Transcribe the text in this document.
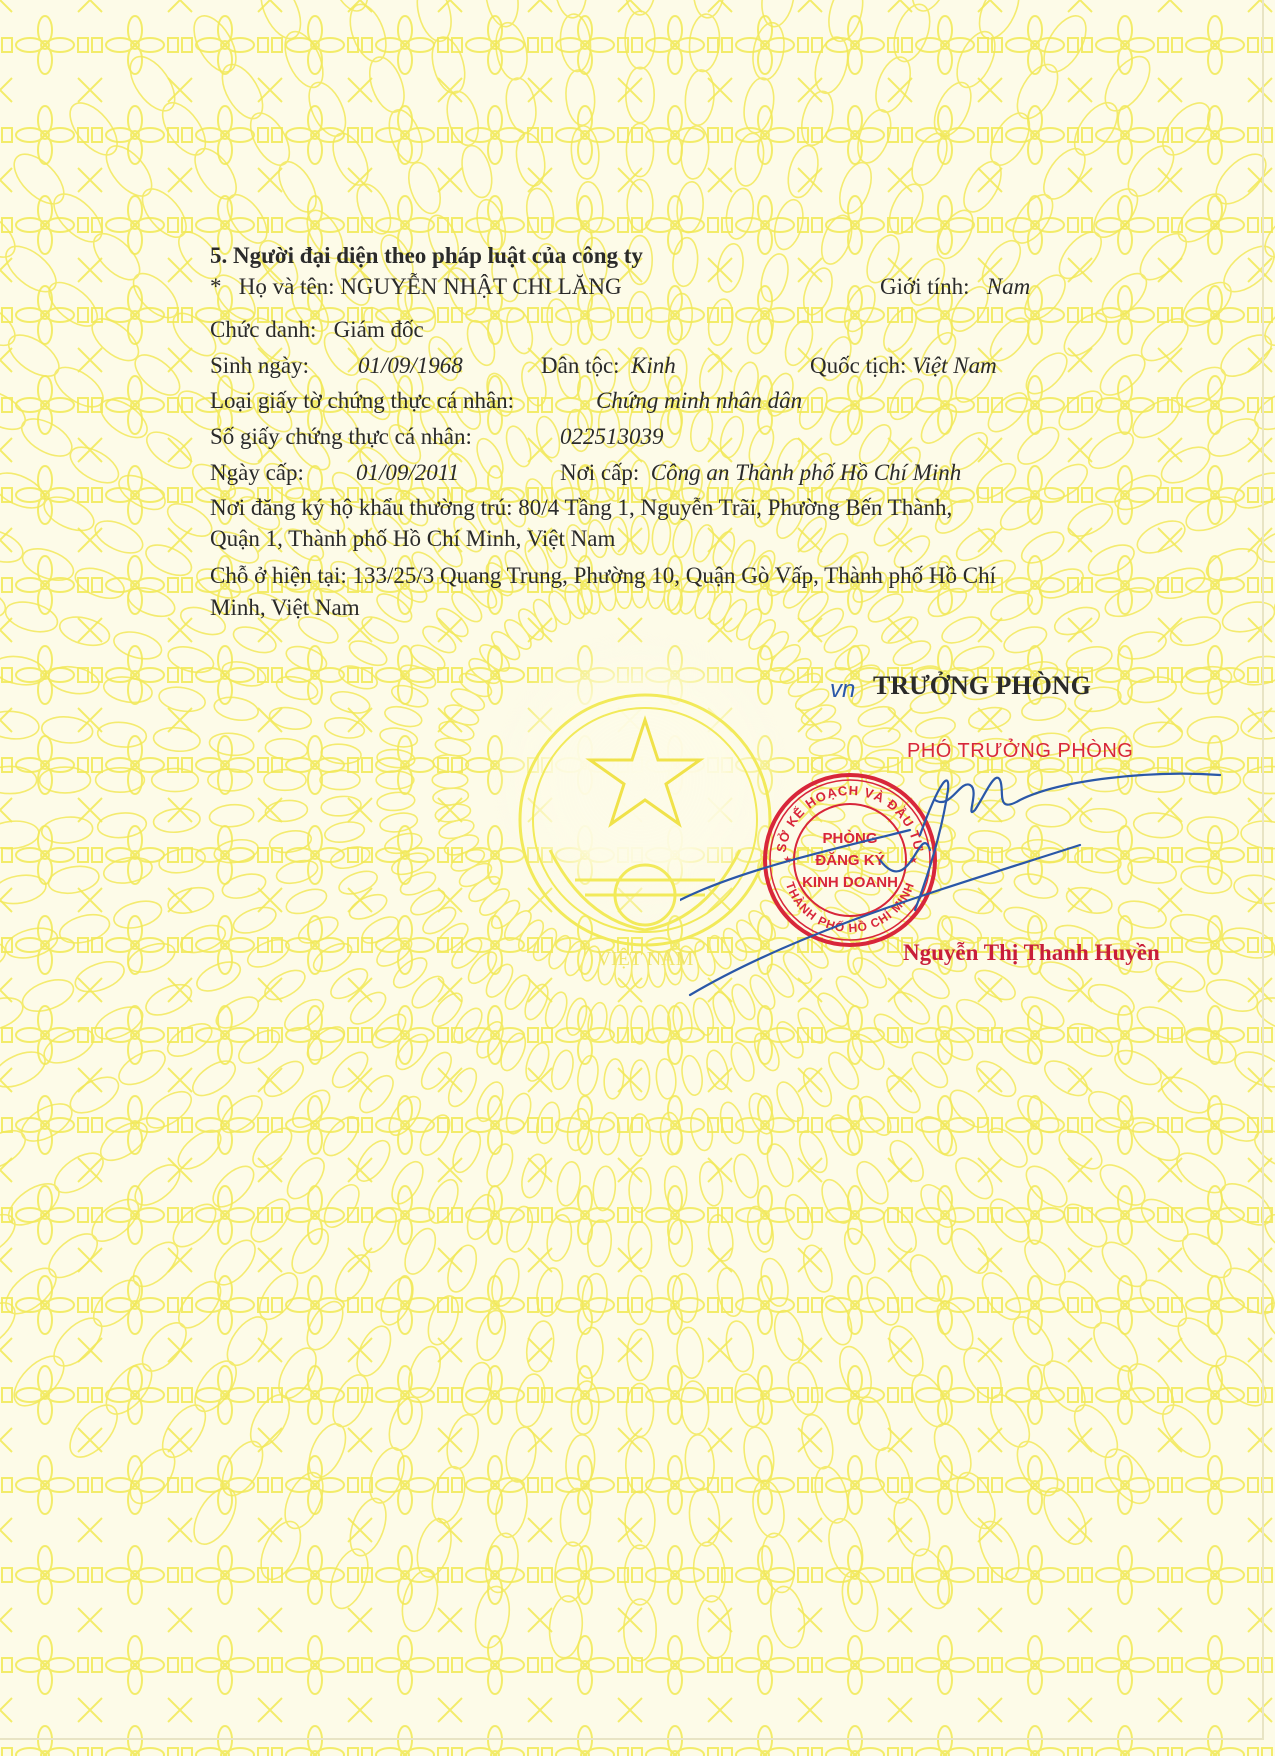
VIỆT NAM
5. Người đại diện theo pháp luật của công ty
* Họ và tên: NGUYỄN NHẬT CHI LĂNG	Giới tính: Nam
Chức danh: Giám đốc
Sinh ngày: 01/09/1968	Dân tộc: Kinh	Quốc tịch: Việt Nam
Loại giấy tờ chứng thực cá nhân:	Chứng minh nhân dân
Số giấy chứng thực cá nhân:	022513039
Ngày cấp: 01/09/2011	Nơi cấp: Công an Thành phố Hồ Chí Minh
Nơi đăng ký hộ khẩu thường trú: 80/4 Tầng 1, Nguyễn Trãi, Phường Bến Thành,
Quận 1, Thành phố Hồ Chí Minh, Việt Nam
Chỗ ở hiện tại: 133/25/3 Quang Trung, Phường 10, Quận Gò Vấp, Thành phố Hồ Chí
Minh, Việt Nam
vn TRƯỞNG PHÒNG
PHÓ TRƯỞNG PHÒNG
SỞ KẾ HOẠCH VÀ ĐẦU TƯ
THÀNH PHỐ HỒ CHÍ MINH
PHÒNG
ĐĂNG KÝ
KINH DOANH
★	★
Nguyễn Thị Thanh Huyền
